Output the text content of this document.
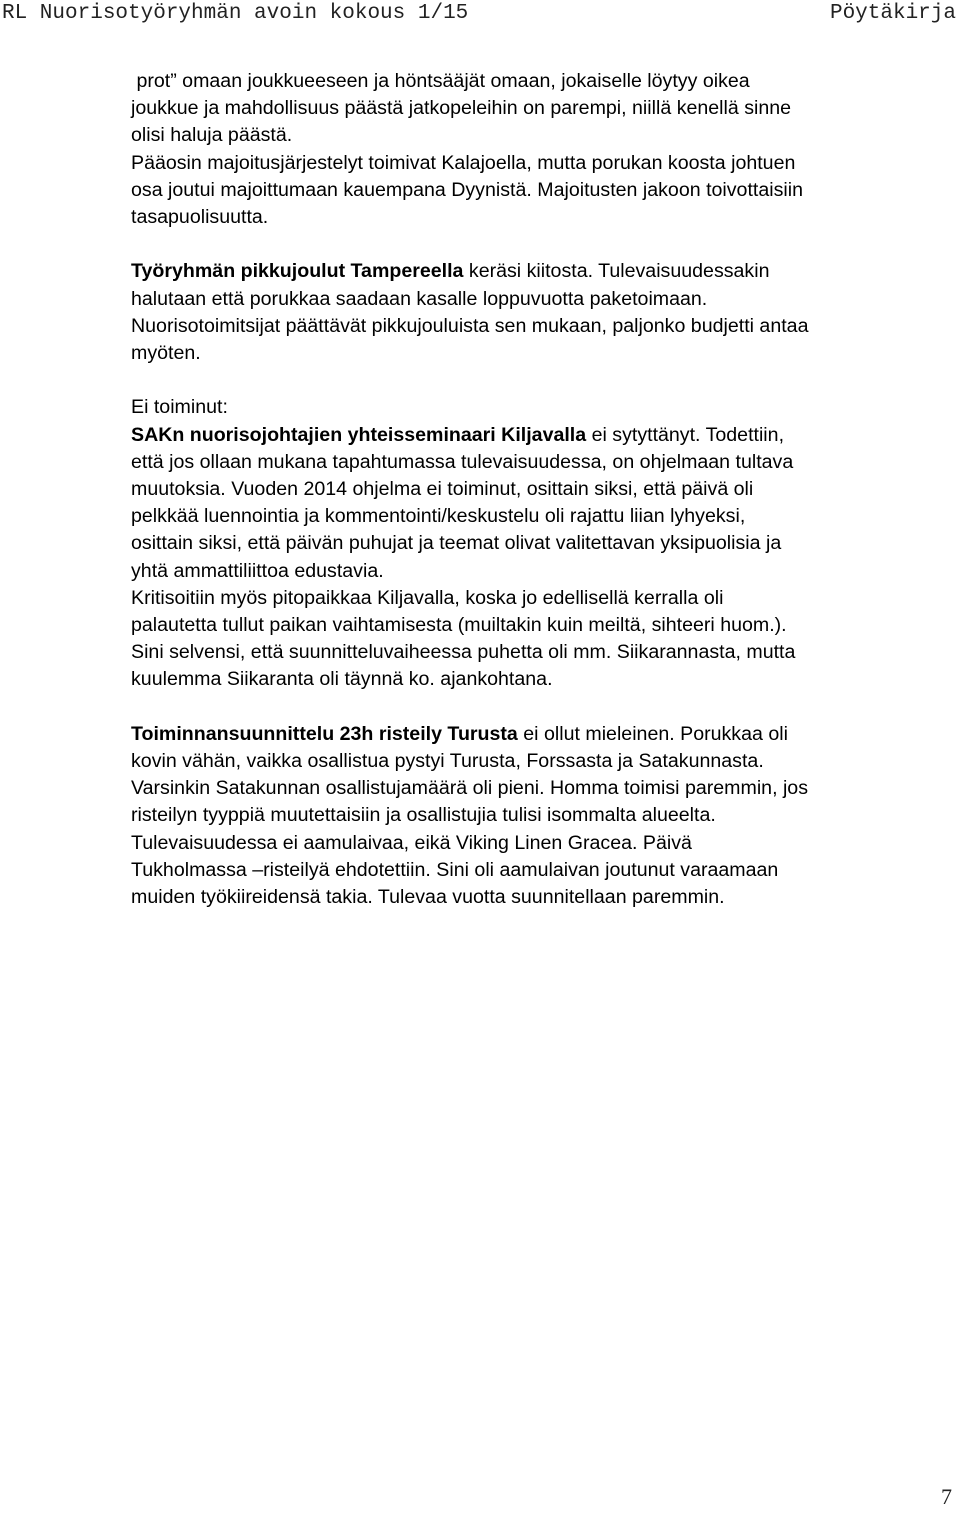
RL Nuorisotyöryhmän avoin kokous 1/15	Pöytäkirja
prot” omaan joukkueeseen ja höntsääjät omaan, jokaiselle löytyy oikea
joukkue ja mahdollisuus päästä jatkopeleihin on parempi, niillä kenellä sinne
olisi haluja päästä.
Pääosin majoitusjärjestelyt toimivat Kalajoella, mutta porukan koosta johtuen
osa joutui majoittumaan kauempana Dyynistä. Majoitusten jakoon toivottaisiin
tasapuolisuutta.
Työryhmän pikkujoulut Tampereella keräsi kiitosta. Tulevaisuudessakin
halutaan että porukkaa saadaan kasalle loppuvuotta paketoimaan.
Nuorisotoimitsijat päättävät pikkujouluista sen mukaan, paljonko budjetti antaa
myöten.
Ei toiminut:
SAKn nuorisojohtajien yhteisseminaari Kiljavalla ei sytyttänyt. Todettiin,
että jos ollaan mukana tapahtumassa tulevaisuudessa, on ohjelmaan tultava
muutoksia. Vuoden 2014 ohjelma ei toiminut, osittain siksi, että päivä oli
pelkkää luennointia ja kommentointi/keskustelu oli rajattu liian lyhyeksi,
osittain siksi, että päivän puhujat ja teemat olivat valitettavan yksipuolisia ja
yhtä ammattiliittoa edustavia.
Kritisoitiin myös pitopaikkaa Kiljavalla, koska jo edellisellä kerralla oli
palautetta tullut paikan vaihtamisesta (muiltakin kuin meiltä, sihteeri huom.).
Sini selvensi, että suunnitteluvaiheessa puhetta oli mm. Siikarannasta, mutta
kuulemma Siikaranta oli täynnä ko. ajankohtana.
Toiminnansuunnittelu 23h risteily Turusta ei ollut mieleinen. Porukkaa oli
kovin vähän, vaikka osallistua pystyi Turusta, Forssasta ja Satakunnasta.
Varsinkin Satakunnan osallistujamäärä oli pieni. Homma toimisi paremmin, jos
risteilyn tyyppiä muutettaisiin ja osallistujia tulisi isommalta alueelta.
Tulevaisuudessa ei aamulaivaa, eikä Viking Linen Gracea. Päivä
Tukholmassa –risteilyä ehdotettiin. Sini oli aamulaivan joutunut varaamaan
muiden työkiireidensä takia. Tulevaa vuotta suunnitellaan paremmin.
7
